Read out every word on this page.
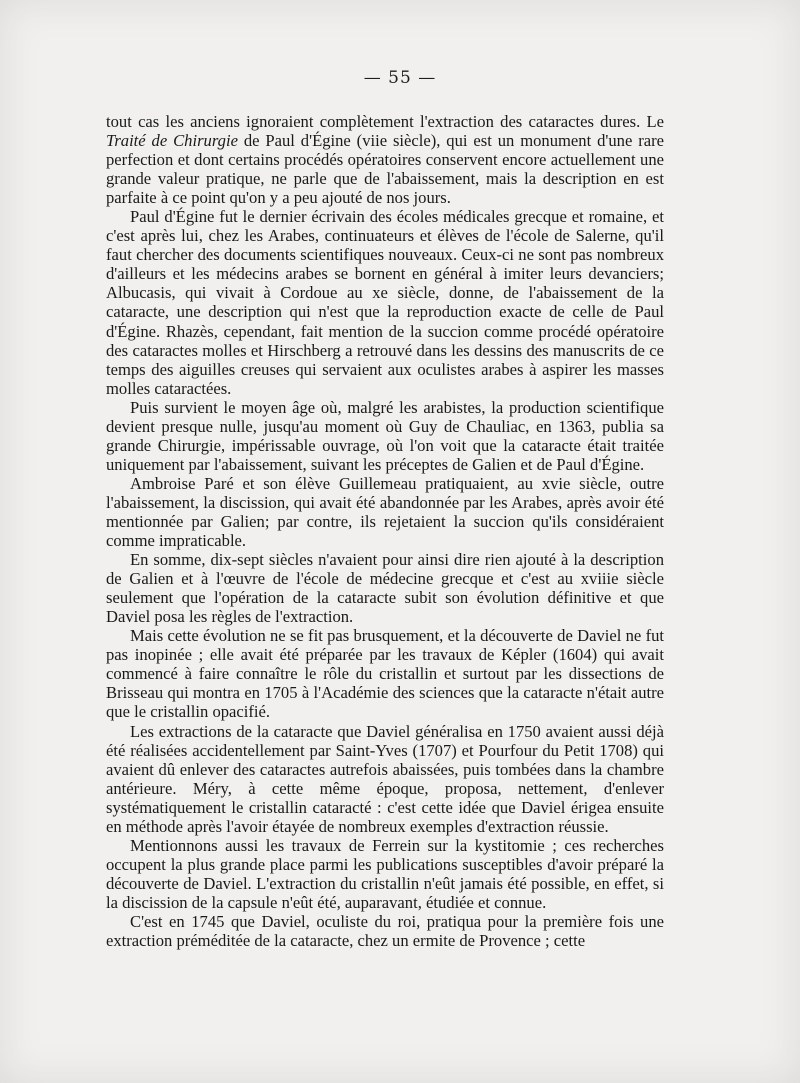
— 55 —

tout cas les anciens ignoraient complètement l'extraction des cataractes dures. Le Traité de Chirurgie de Paul d'Égine (viie siècle), qui est un monument d'une rare perfection et dont certains procédés opératoires conservent encore actuellement une grande valeur pratique, ne parle que de l'abaissement, mais la description en est parfaite à ce point qu'on y a peu ajouté de nos jours.

Paul d'Égine fut le dernier écrivain des écoles médicales grecque et romaine, et c'est après lui, chez les Arabes, continuateurs et élèves de l'école de Salerne, qu'il faut chercher des documents scientifiques nouveaux. Ceux-ci ne sont pas nombreux d'ailleurs et les médecins arabes se bornent en général à imiter leurs devanciers; Albucasis, qui vivait à Cordoue au xe siècle, donne, de l'abaissement de la cataracte, une description qui n'est que la reproduction exacte de celle de Paul d'Égine. Rhazès, cependant, fait mention de la succion comme procédé opératoire des cataractes molles et Hirschberg a retrouvé dans les dessins des manuscrits de ce temps des aiguilles creuses qui servaient aux oculistes arabes à aspirer les masses molles cataractées.

Puis survient le moyen âge où, malgré les arabistes, la production scientifique devient presque nulle, jusqu'au moment où Guy de Chauliac, en 1363, publia sa grande Chirurgie, impérissable ouvrage, où l'on voit que la cataracte était traitée uniquement par l'abaissement, suivant les préceptes de Galien et de Paul d'Égine.

Ambroise Paré et son élève Guillemeau pratiquaient, au xvie siècle, outre l'abaissement, la discission, qui avait été abandonnée par les Arabes, après avoir été mentionnée par Galien; par contre, ils rejetaient la succion qu'ils considéraient comme impraticable.

En somme, dix-sept siècles n'avaient pour ainsi dire rien ajouté à la description de Galien et à l'œuvre de l'école de médecine grecque et c'est au xviiie siècle seulement que l'opération de la cataracte subit son évolution définitive et que Daviel posa les règles de l'extraction.

Mais cette évolution ne se fit pas brusquement, et la découverte de Daviel ne fut pas inopinée ; elle avait été préparée par les travaux de Képler (1604) qui avait commencé à faire connaître le rôle du cristallin et surtout par les dissections de Brisseau qui montra en 1705 à l'Académie des sciences que la cataracte n'était autre que le cristallin opacifié.

Les extractions de la cataracte que Daviel généralisa en 1750 avaient aussi déjà été réalisées accidentellement par Saint-Yves (1707) et Pourfour du Petit 1708) qui avaient dû enlever des cataractes autrefois abaissées, puis tombées dans la chambre antérieure. Méry, à cette même époque, proposa, nettement, d'enlever systématiquement le cristallin cataracté : c'est cette idée que Daviel érigea ensuite en méthode après l'avoir étayée de nombreux exemples d'extraction réussie.

Mentionnons aussi les travaux de Ferrein sur la kystitomie ; ces recherches occupent la plus grande place parmi les publications susceptibles d'avoir préparé la découverte de Daviel. L'extraction du cristallin n'eût jamais été possible, en effet, si la discission de la capsule n'eût été, auparavant, étudiée et connue.

C'est en 1745 que Daviel, oculiste du roi, pratiqua pour la première fois une extraction préméditée de la cataracte, chez un ermite de Provence ; cette
